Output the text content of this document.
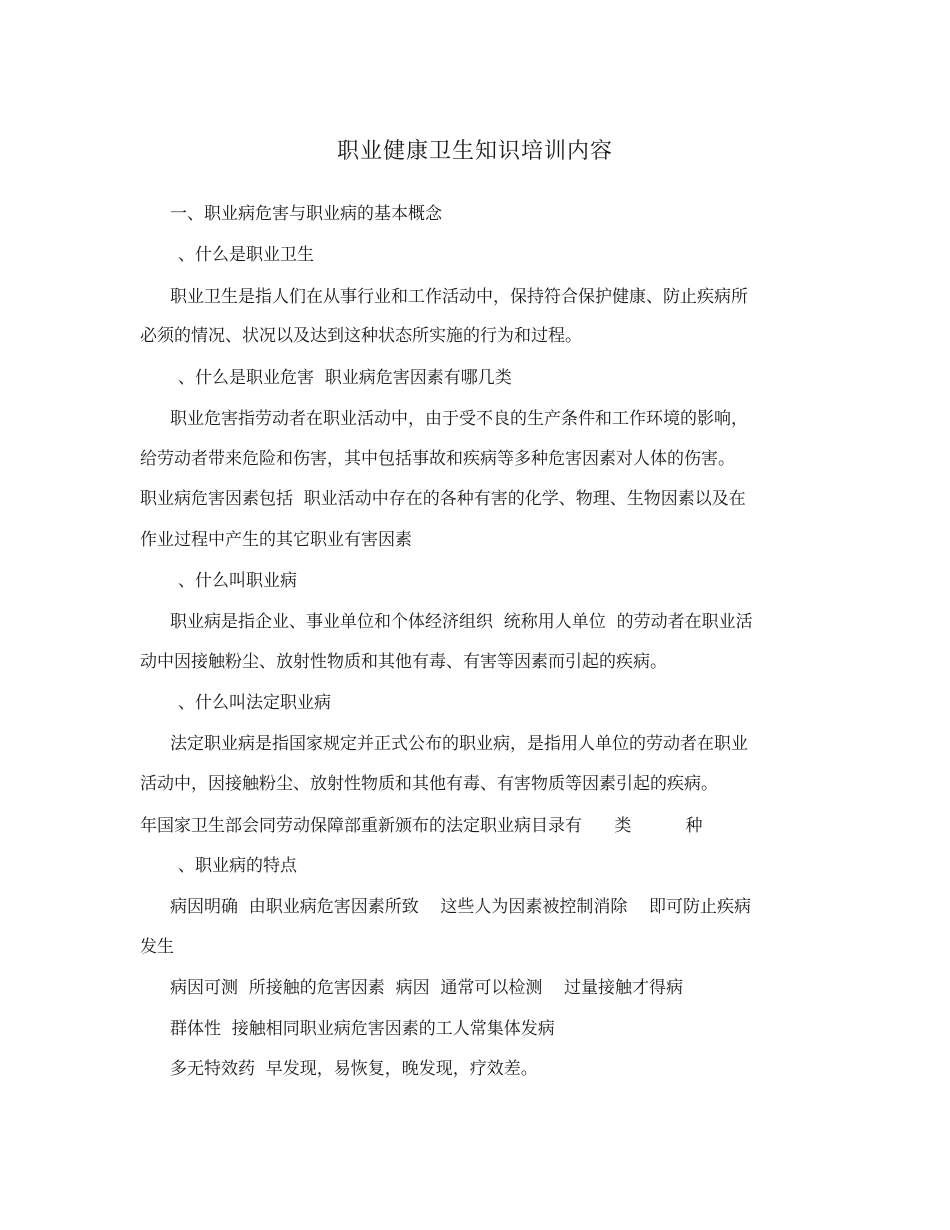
职业健康卫生知识培训内容
一、职业病危害与职业病的基本概念
、什么是职业卫生
职业卫生是指人们在从事行业和工作活动中，保持符合保护健康、防止疾病所
必须的情况、状况以及达到这种状态所实施的行为和过程。
、什么是职业危害  职业病危害因素有哪几类
职业危害指劳动者在职业活动中，由于受不良的生产条件和工作环境的影响，
给劳动者带来危险和伤害，其中包括事故和疾病等多种危害因素对人体的伤害。
职业病危害因素包括  职业活动中存在的各种有害的化学、物理、生物因素以及在
作业过程中产生的其它职业有害因素
、什么叫职业病
职业病是指企业、事业单位和个体经济组织  统称用人单位  的劳动者在职业活
动中因接触粉尘、放射性物质和其他有毒、有害等因素而引起的疾病。
、什么叫法定职业病
法定职业病是指国家规定并正式公布的职业病，是指用人单位的劳动者在职业
活动中，因接触粉尘、放射性物质和其他有毒、有害物质等因素引起的疾病。
年国家卫生部会同劳动保障部重新颁布的法定职业病目录有      类          种
、职业病的特点
病因明确  由职业病危害因素所致    这些人为因素被控制消除    即可防止疾病
发生
病因可测  所接触的危害因素  病因  通常可以检测    过量接触才得病
群体性  接触相同职业病危害因素的工人常集体发病
多无特效药  早发现，易恢复，晚发现，疗效差。
